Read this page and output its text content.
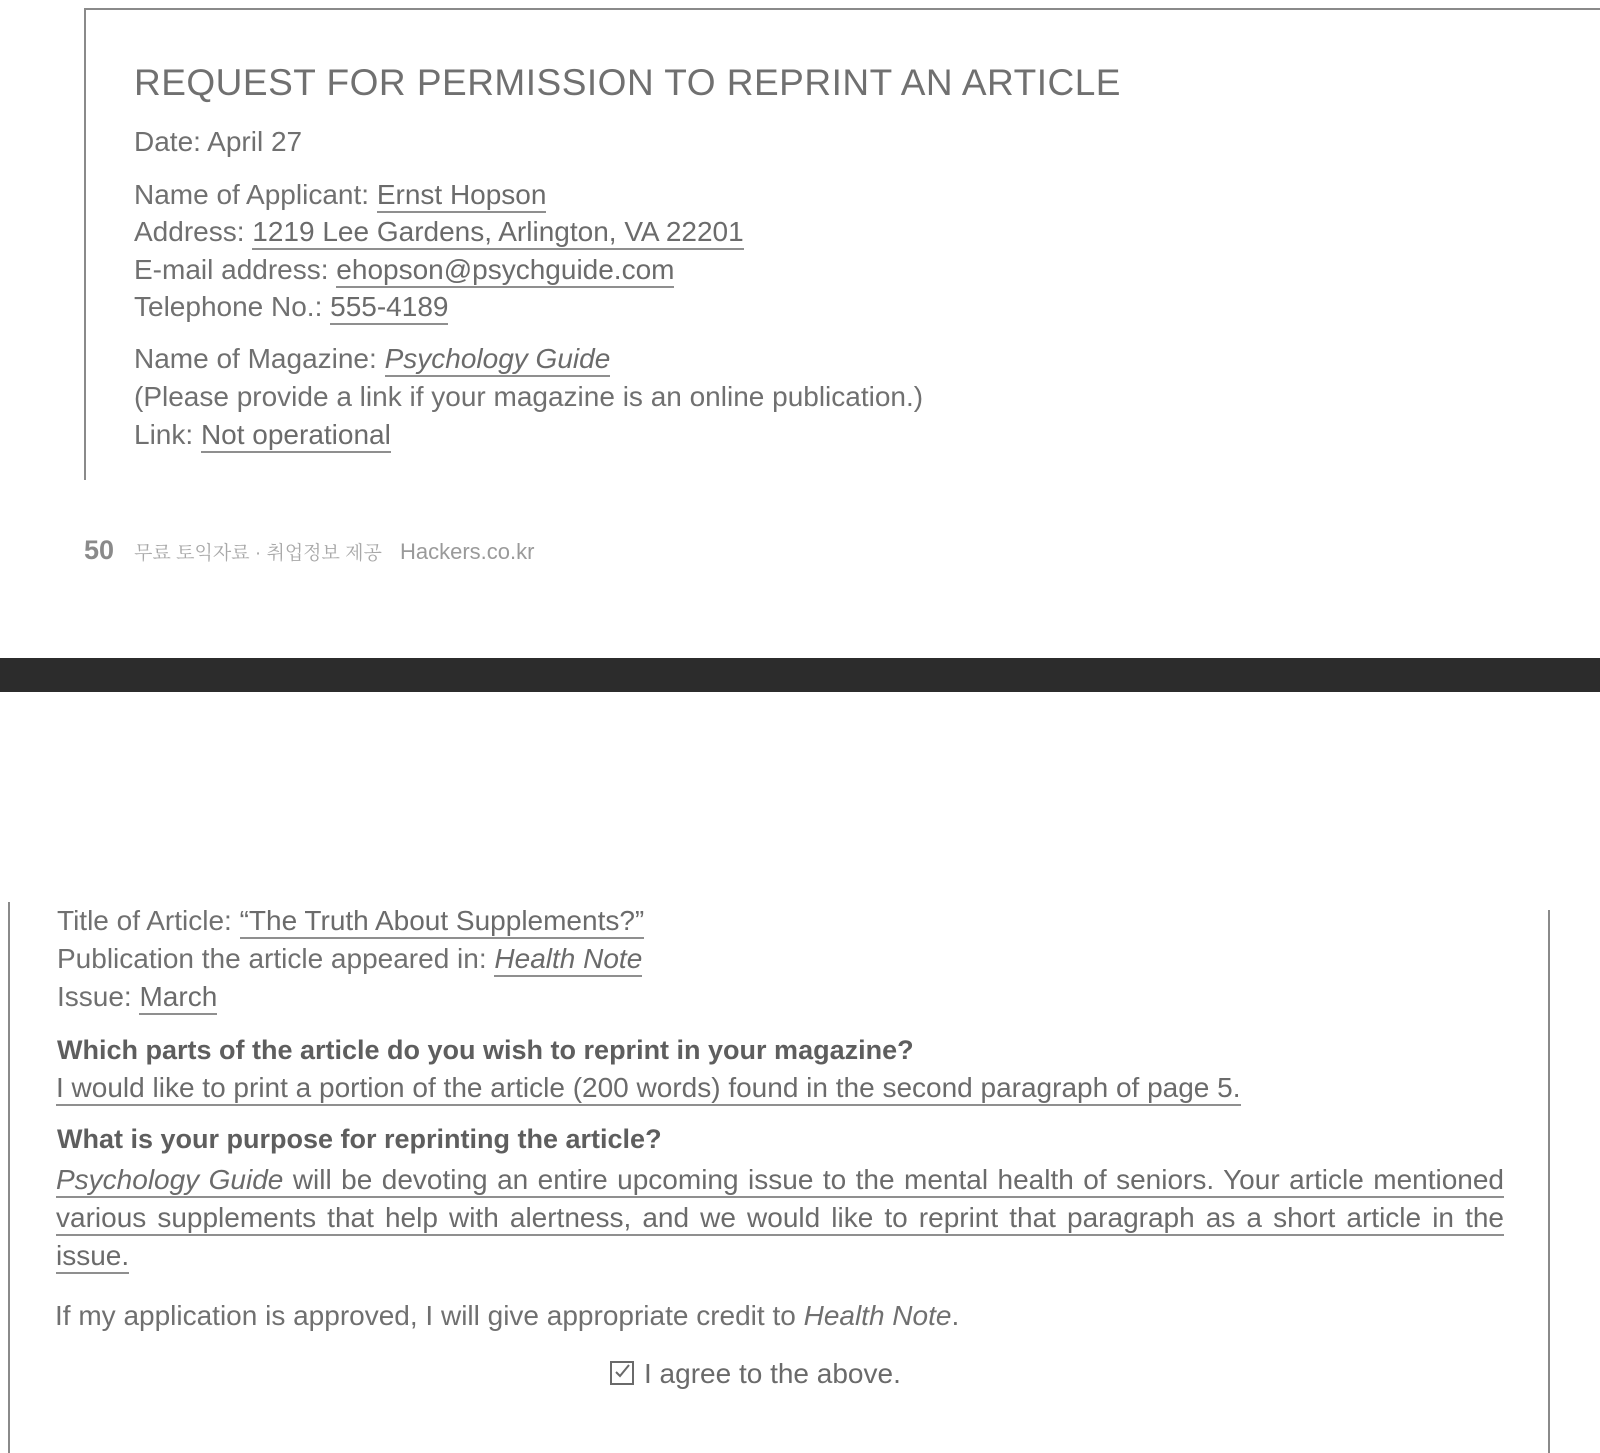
REQUEST FOR PERMISSION TO REPRINT AN ARTICLE
Date: April 27
Name of Applicant: Ernst Hopson
Address: 1219 Lee Gardens, Arlington, VA 22201
E-mail address: ehopson@psychguide.com
Telephone No.: 555-4189
Name of Magazine: Psychology Guide
(Please provide a link if your magazine is an online publication.)
Link: Not operational
50 무료 토익자료 · 취업정보 제공 Hackers.co.kr
Title of Article: “The Truth About Supplements?”
Publication the article appeared in: Health Note
Issue: March
Which parts of the article do you wish to reprint in your magazine?
I would like to print a portion of the article (200 words) found in the second paragraph of page 5.
What is your purpose for reprinting the article?
Psychology Guide will be devoting an entire upcoming issue to the mental health of seniors. Your article mentioned various supplements that help with alertness, and we would like to reprint that paragraph as a short article in the issue.
If my application is approved, I will give appropriate credit to Health Note.
I agree to the above.
